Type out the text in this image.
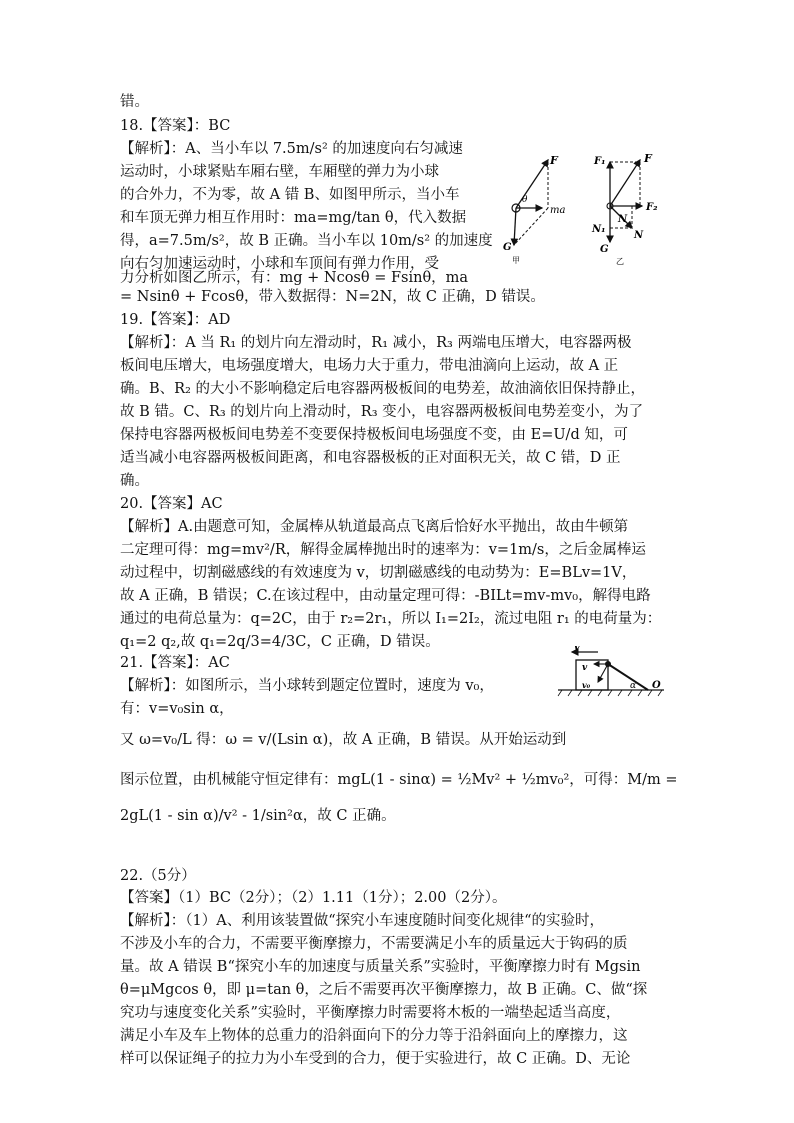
错。
18.【答案】：BC
【解析】：A、当小车以 7.5m/s² 的加速度向右匀减速
运动时，小球紧贴车厢右壁，车厢壁的弹力为小球
的合外力，不为零，故 A 错 B、如图甲所示，当小车
和车顶无弹力相互作用时：ma=mg/tan θ，代入数据
得，a=7.5m/s²，故 B 正确。当小车以 10m/s² 的加速度
向右匀加速运动时，小球和车顶间有弹力作用，受
力分析如图乙所示，有：mg + Ncosθ = Fsinθ，ma
= Nsinθ + Fcosθ，带入数据得：N=2N，故 C 正确，D 错误。
19.【答案】：AD
【解析】：A 当 R₁ 的划片向左滑动时，R₁ 减小，R₃ 两端电压增大，电容器两极
板间电压增大，电场强度增大，电场力大于重力，带电油滴向上运动，故 A 正
确。B、R₂ 的大小不影响稳定后电容器两极板间的电势差，故油滴依旧保持静止，
故 B 错。C、R₃ 的划片向上滑动时，R₃ 变小，电容器两极板间电势差变小，为了
保持电容器两极板间电势差不变要保持极板间电场强度不变，由 E=U/d 知，可
适当减小电容器两极板间距离，和电容器极板的正对面积无关，故 C 错，D 正
确。
20.【答案】AC
【解析】A.由题意可知，金属棒从轨道最高点飞离后恰好水平抛出，故由牛顿第
二定理可得：mg=mv²/R，解得金属棒抛出时的速率为：v=1m/s，之后金属棒运
动过程中，切割磁感线的有效速度为 v，切割磁感线的电动势为：E=BLv=1V，
故 A 正确，B 错误；C.在该过程中，由动量定理可得：-BILt=mv-mv₀，解得电路
通过的电荷总量为：q=2C，由于 r₂=2r₁，所以 I₁=2I₂，流过电阻 r₁ 的电荷量为：
q₁=2 q₂,故 q₁=2q/3=4/3C，C 正确，D 错误。
21.【答案】：AC
【解析】：如图所示，当小球转到题定位置时，速度为 v₀，
有：v=v₀sin α，
又 ω=v₀/L 得：ω = v/(Lsin α)，故 A 正确，B 错误。从开始运动到
图示位置，由机械能守恒定律有：mgL(1 - sinα) = ½Mv² + ½mv₀²，可得：M/m =
2gL(1 - sin α)/v² - 1/sin²α，故 C 正确。
22.（5分）
【答案】（1）BC（2分）；（2）1.11（1分）；2.00（2分）。
【解析】：（1）A、利用该装置做“探究小车速度随时间变化规律“的实验时，
不涉及小车的合力，不需要平衡摩擦力，不需要满足小车的质量远大于钩码的质
量。故 A 错误 B“探究小车的加速度与质量关系”实验时，平衡摩擦力时有 Mgsin
θ=μMgcos θ，即 μ=tan θ，之后不需要再次平衡摩擦力，故 B 正确。C、做“探
究功与速度变化关系”实验时，平衡摩擦力时需要将木板的一端垫起适当高度，
满足小车及车上物体的总重力的沿斜面向下的分力等于沿斜面向上的摩擦力，这
样可以保证绳子的拉力为小车受到的合力，便于实验进行，故 C 正确。D、无论
F
θ
ma
G
甲
F₁	F
F₂
N
N₁
N
G
乙
v
v
v₀	α O
